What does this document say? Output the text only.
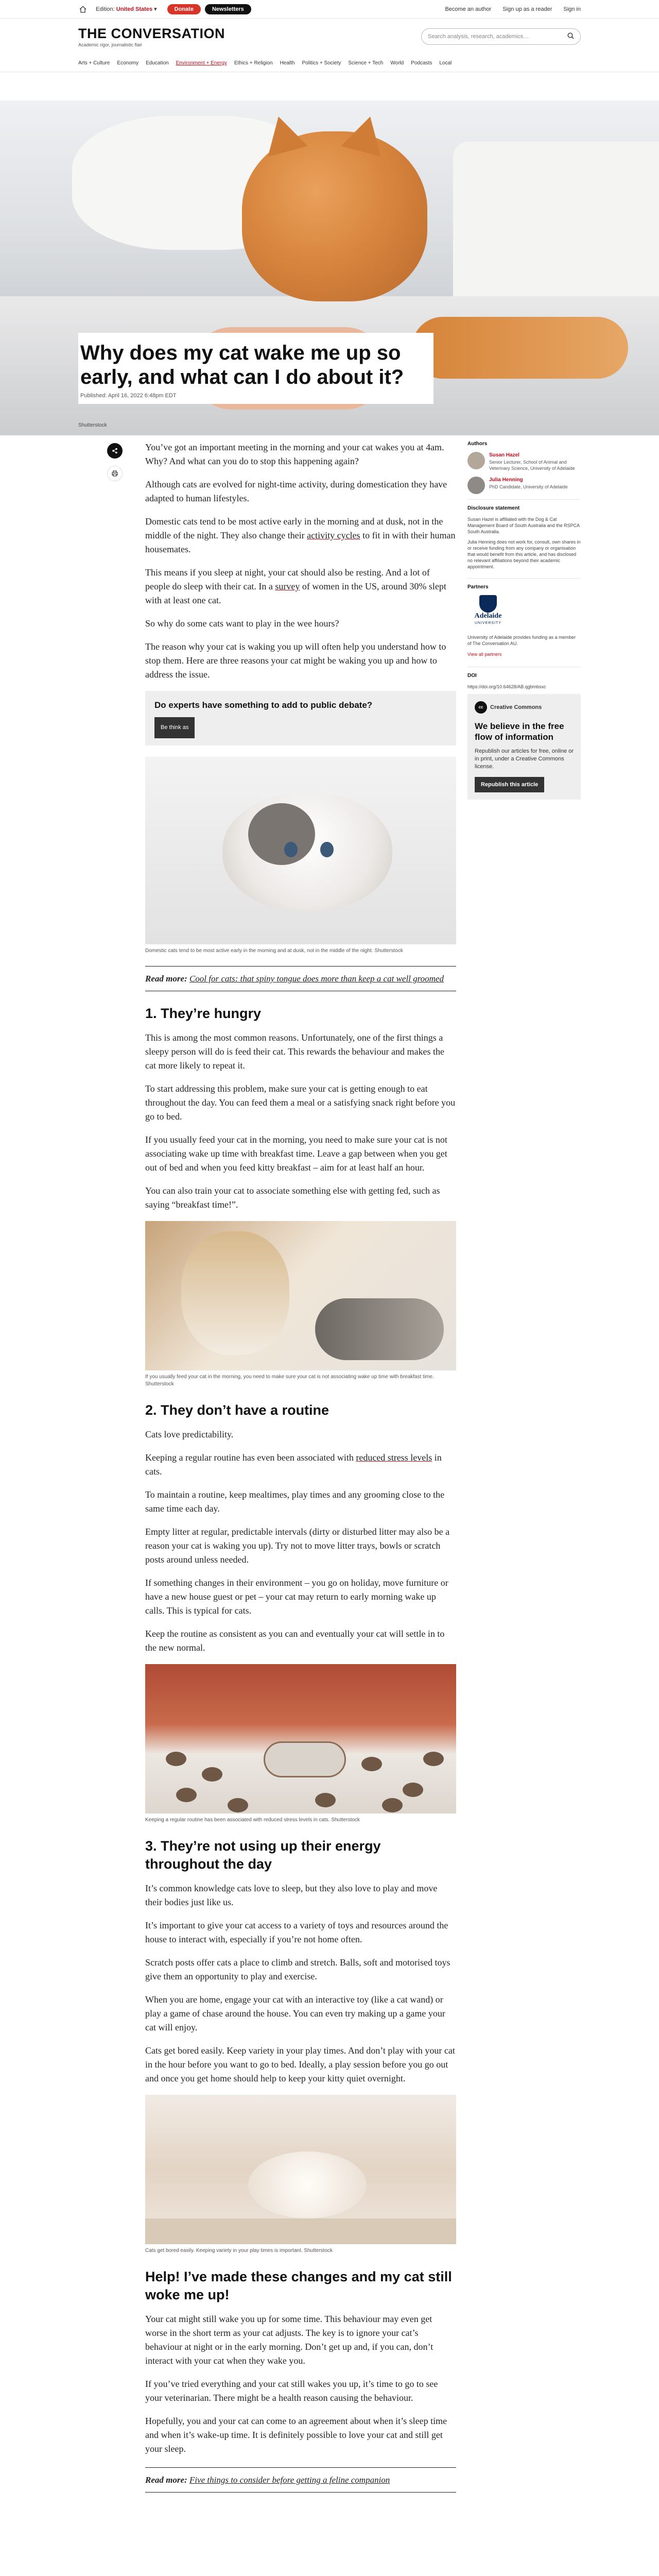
Edition: United States ▾	Donate	Newsletters	Become an author Sign up as a reader Sign in
THE CONVERSATION
Academic rigor, journalistic flair
Search analysis, research, academics…
Arts + Culture Economy Education Environment + Energy Ethics + Religion Health Politics + Society Science + Tech World Podcasts Local
Why does my cat wake me up so early, and what can I do about it?
Published: April 16, 2022 6:48pm EDT
Shutterstock

You’ve got an important meeting in the morning and your cat wakes you at 4am. Why? And what can you do to stop this happening again?

Although cats are evolved for night-time activity, during domestication they have adapted to human lifestyles.

Domestic cats tend to be most active early in the morning and at dusk, not in the middle of the night. They also change their activity cycles to fit in with their human housemates.

This means if you sleep at night, your cat should also be resting. And a lot of people do sleep with their cat. In a survey of women in the US, around 30% slept with at least one cat.

So why do some cats want to play in the wee hours?

The reason why your cat is waking you up will often help you understand how to stop them. Here are three reasons your cat might be waking you up and how to address the issue.

Do experts have something to add to public debate?
Be think as
Domestic cats tend to be most active early in the morning and at dusk, not in the middle of the night. Shutterstock
Read more: Cool for cats: that spiny tongue does more than keep a cat well groomed
1. They’re hungry

This is among the most common reasons. Unfortunately, one of the first things a sleepy person will do is feed their cat. This rewards the behaviour and makes the cat more likely to repeat it.

To start addressing this problem, make sure your cat is getting enough to eat throughout the day. You can feed them a meal or a satisfying snack right before you go to bed.

If you usually feed your cat in the morning, you need to make sure your cat is not associating wake up time with breakfast time. Leave a gap between when you get out of bed and when you feed kitty breakfast – aim for at least half an hour.

You can also train your cat to associate something else with getting fed, such as saying “breakfast time!”.

If you usually feed your cat in the morning, you need to make sure your cat is not associating wake up time with breakfast time. Shutterstock
2. They don’t have a routine

Cats love predictability.

Keeping a regular routine has even been associated with reduced stress levels in cats.

To maintain a routine, keep mealtimes, play times and any grooming close to the same time each day.

Empty litter at regular, predictable intervals (dirty or disturbed litter may also be a reason your cat is waking you up). Try not to move litter trays, bowls or scratch posts around unless needed.

If something changes in their environment – you go on holiday, move furniture or have a new house guest or pet – your cat may return to early morning wake up calls. This is typical for cats.

Keep the routine as consistent as you can and eventually your cat will settle in to the new normal.

Keeping a regular routine has been associated with reduced stress levels in cats. Shutterstock
3. They’re not using up their energy throughout the day

It’s common knowledge cats love to sleep, but they also love to play and move their bodies just like us.

It’s important to give your cat access to a variety of toys and resources around the house to interact with, especially if you’re not home often.

Scratch posts offer cats a place to climb and stretch. Balls, soft and motorised toys give them an opportunity to play and exercise.

When you are home, engage your cat with an interactive toy (like a cat wand) or play a game of chase around the house. You can even try making up a game your cat will enjoy.

Cats get bored easily. Keep variety in your play times. And don’t play with your cat in the hour before you want to go to bed. Ideally, a play session before you go out and once you get home should help to keep your kitty quiet overnight.

Cats get bored easily. Keeping variety in your play times is important. Shutterstock
Help! I’ve made these changes and my cat still woke me up!

Your cat might still wake you up for some time. This behaviour may even get worse in the short term as your cat adjusts. The key is to ignore your cat’s behaviour at night or in the early morning. Don’t get up and, if you can, don’t interact with your cat when they wake you.

If you’ve tried everything and your cat still wakes you up, it’s time to go to see your veterinarian. There might be a health reason causing the behaviour.

Hopefully, you and your cat can come to an agreement about when it’s sleep time and when it’s wake-up time. It is definitely possible to love your cat and still get your sleep.

Read more: Five things to consider before getting a feline companion
Authors
Susan Hazel
Senior Lecturer, School of Animal and Veterinary Science, University of Adelaide
Julia Henning
PhD Candidate, University of Adelaide
Disclosure statement

Susan Hazel is affiliated with the Dog & Cat Management Board of South Australia and the RSPCA South Australia.

Julia Henning does not work for, consult, own shares in or receive funding from any company or organisation that would benefit from this article, and has disclosed no relevant affiliations beyond their academic appointment.

Partners
Adelaide
UNIVERSITY

University of Adelaide provides funding as a member of The Conversation AU.

View all partners
DOI

https://doi.org/10.64628/AB.qgbmbsxc

cc	Creative Commons
We believe in the free flow of information
Republish our articles for free, online or in print, under a Creative Commons license.
Republish this article
